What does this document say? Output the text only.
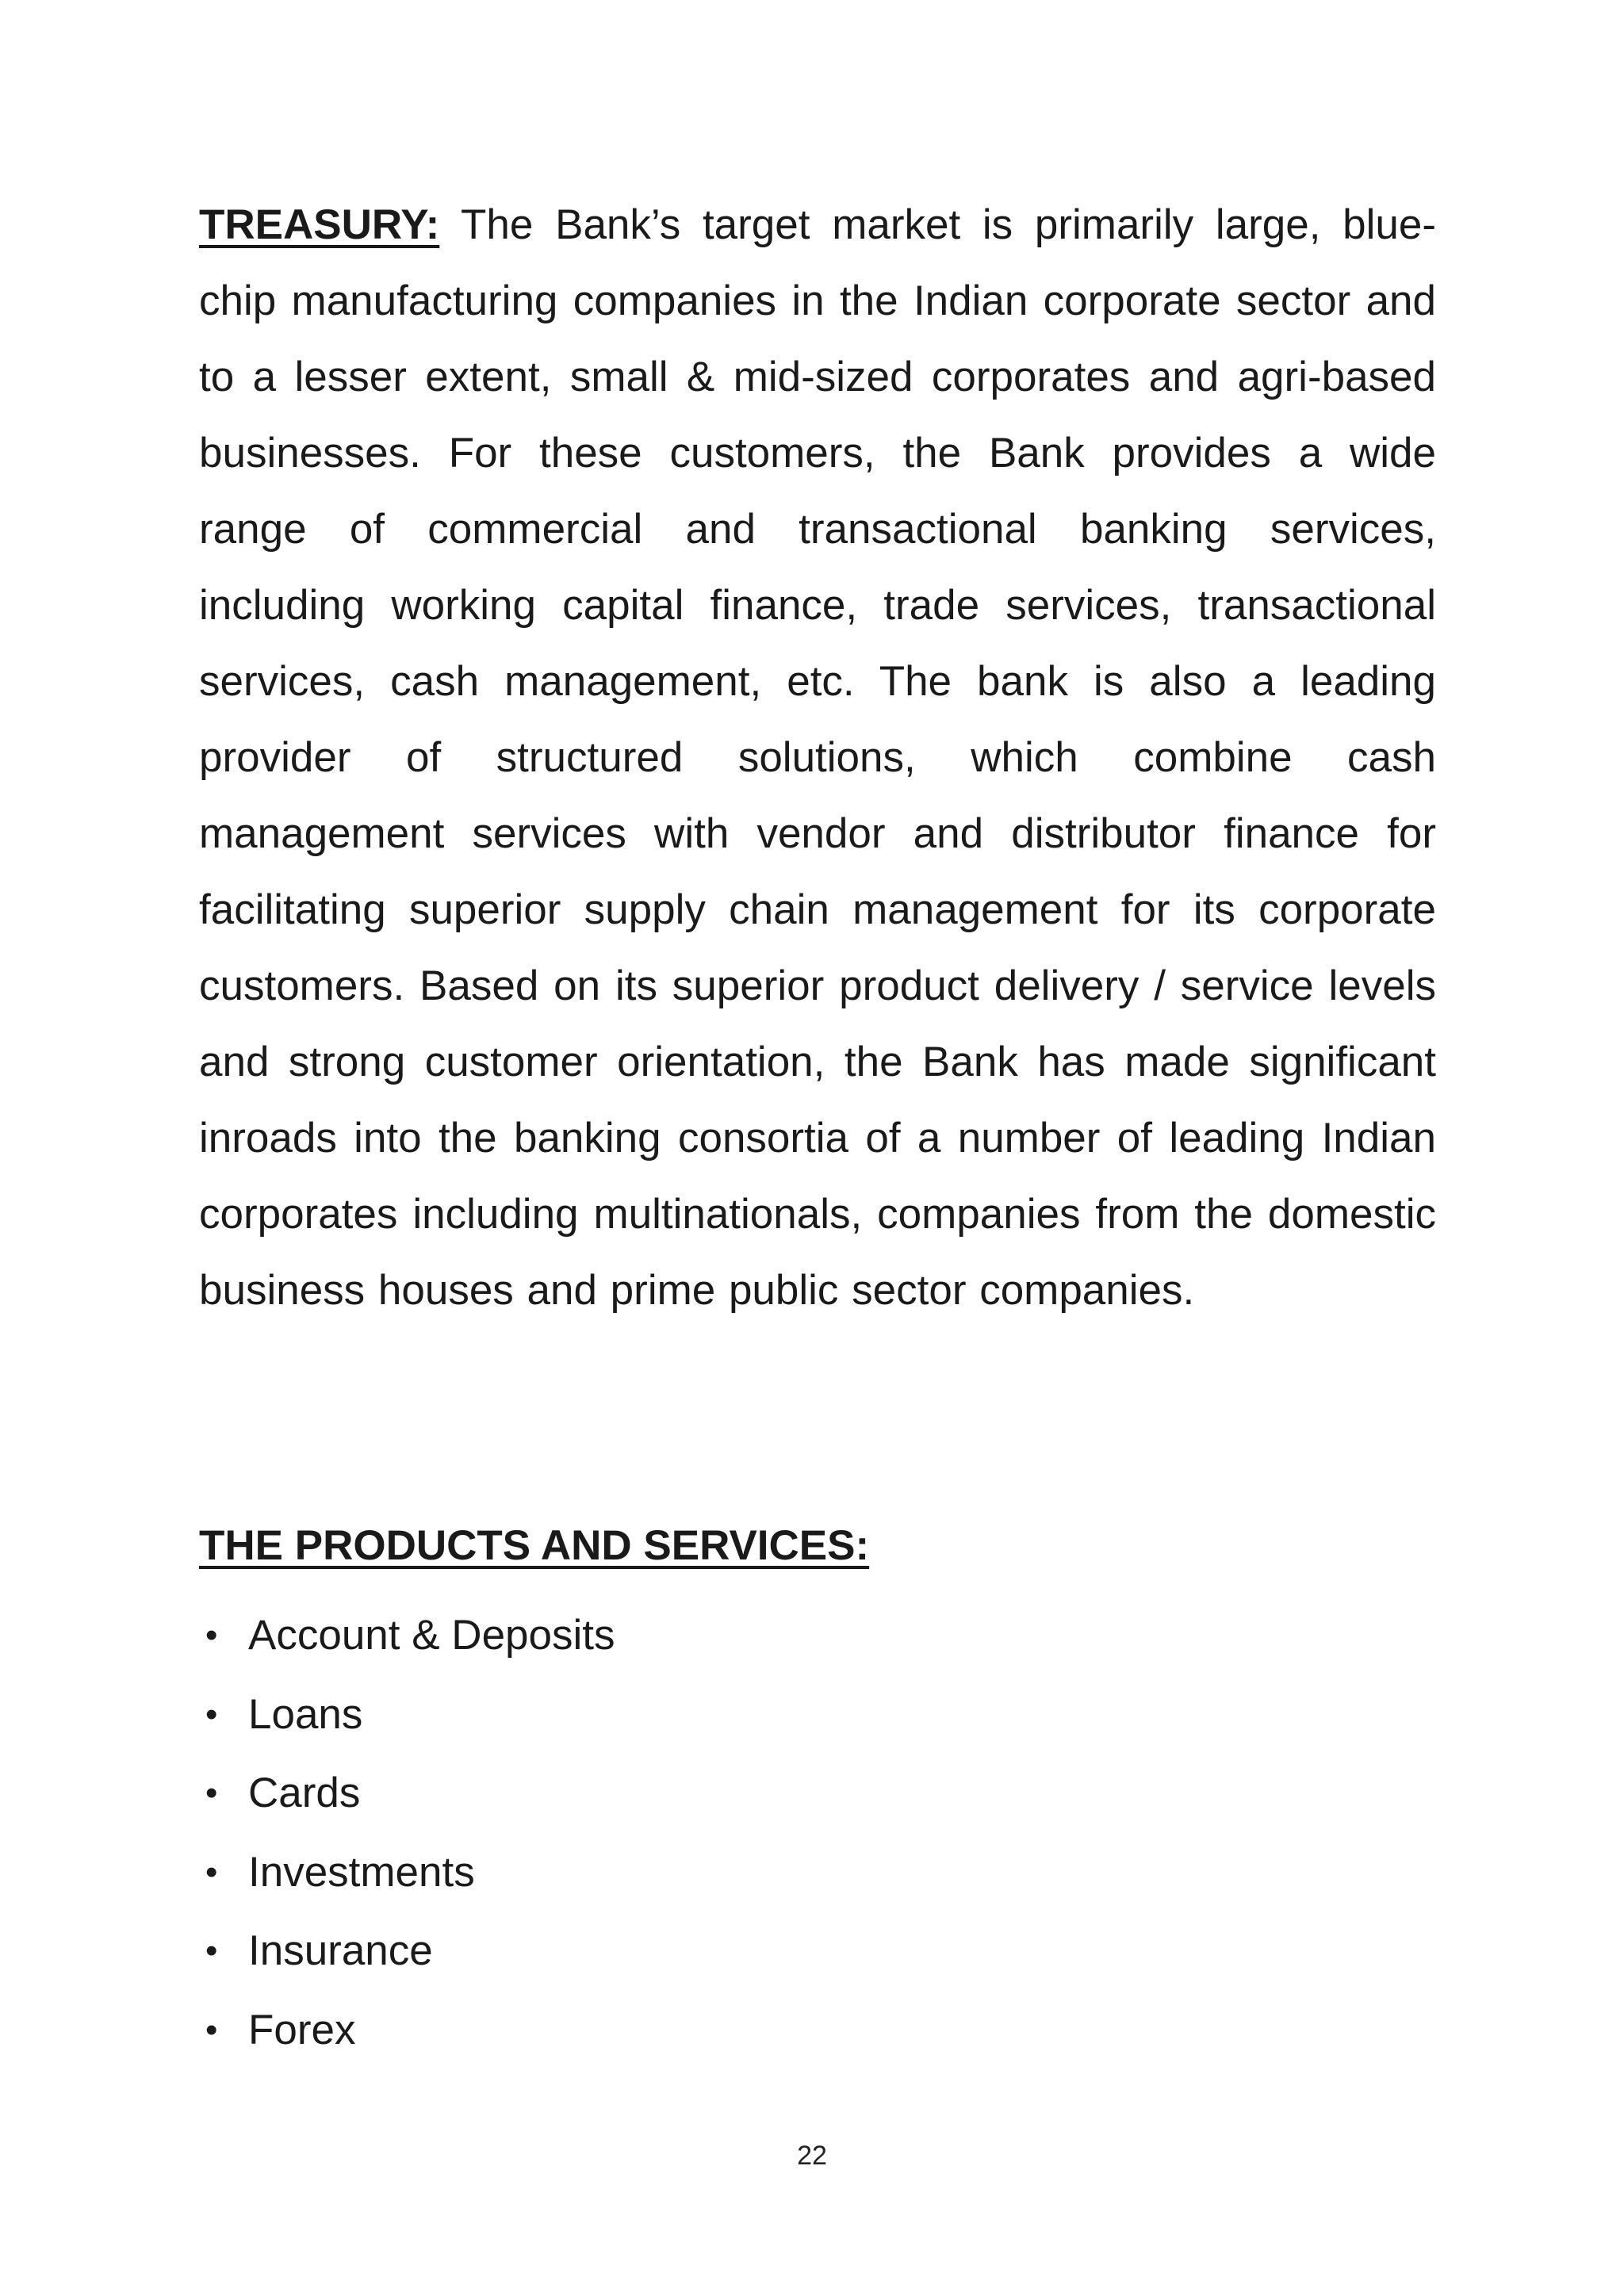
TREASURY: The Bank’s target market is primarily large, blue-chip manufacturing companies in the Indian corporate sector and to a lesser extent, small & mid-sized corporates and agri-based businesses. For these customers, the Bank provides a wide range of commercial and transactional banking services, including working capital finance, trade services, transactional services, cash management, etc. The bank is also a leading provider of structured solutions, which combine cash management services with vendor and distributor finance for facilitating superior supply chain management for its corporate customers. Based on its superior product delivery / service levels and strong customer orientation, the Bank has made significant inroads into the banking consortia of a number of leading Indian corporates including multinationals, companies from the domestic business houses and prime public sector companies.

THE PRODUCTS AND SERVICES:
• Account & Deposits
• Loans
• Cards
• Investments
• Insurance
• Forex
22
